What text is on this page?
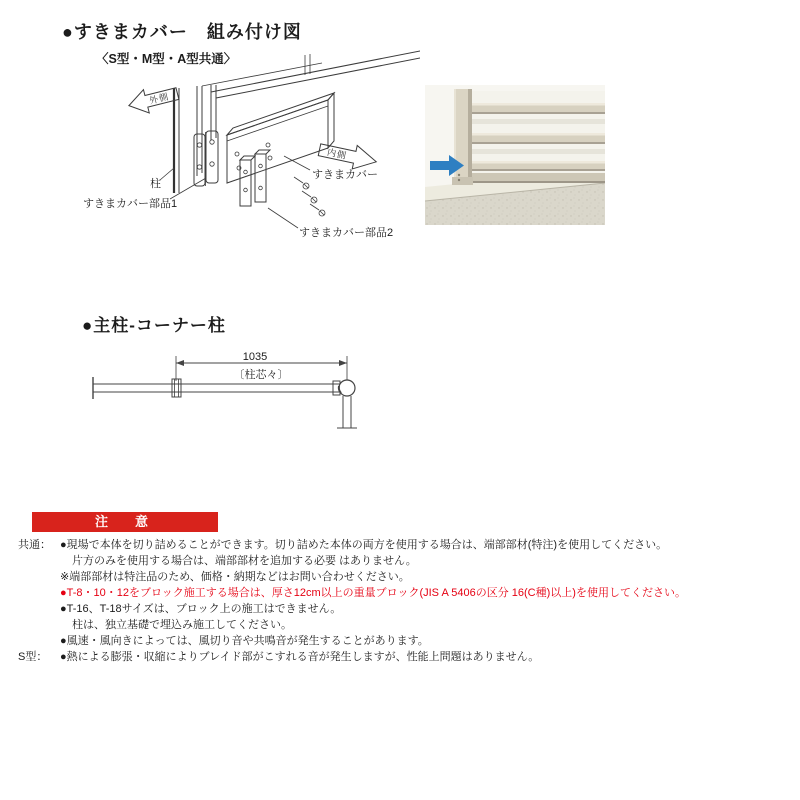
●すきまカバー　組み付け図
〈S型・M型・A型共通〉
外側
内側
柱
すきまカバー部品1
すきまカバー
すきまカバー部品2
●主柱-コーナー柱
1035
〔柱芯々〕
注　意
共通： ●現場で本体を切り詰めることができます。切り詰めた本体の両方を使用する場合は、端部部材(特注)を使用してください。
片方のみを使用する場合は、端部部材を追加する必要 はありません。
※端部部材は特注品のため、価格・納期などはお問い合わせください。
●T-8・10・12をブロック施工する場合は、厚さ12cm以上の重量ブロック(JIS A 5406の区分 16(C種)以上)を使用してください。
●T-16、T-18サイズは、ブロック上の施工はできません。
柱は、独立基礎で埋込み施工してください。
●風速・風向きによっては、風切り音や共鳴音が発生することがあります。
S型：	●熱による膨張・収縮によりブレイド部がこすれる音が発生しますが、性能上問題はありません。
